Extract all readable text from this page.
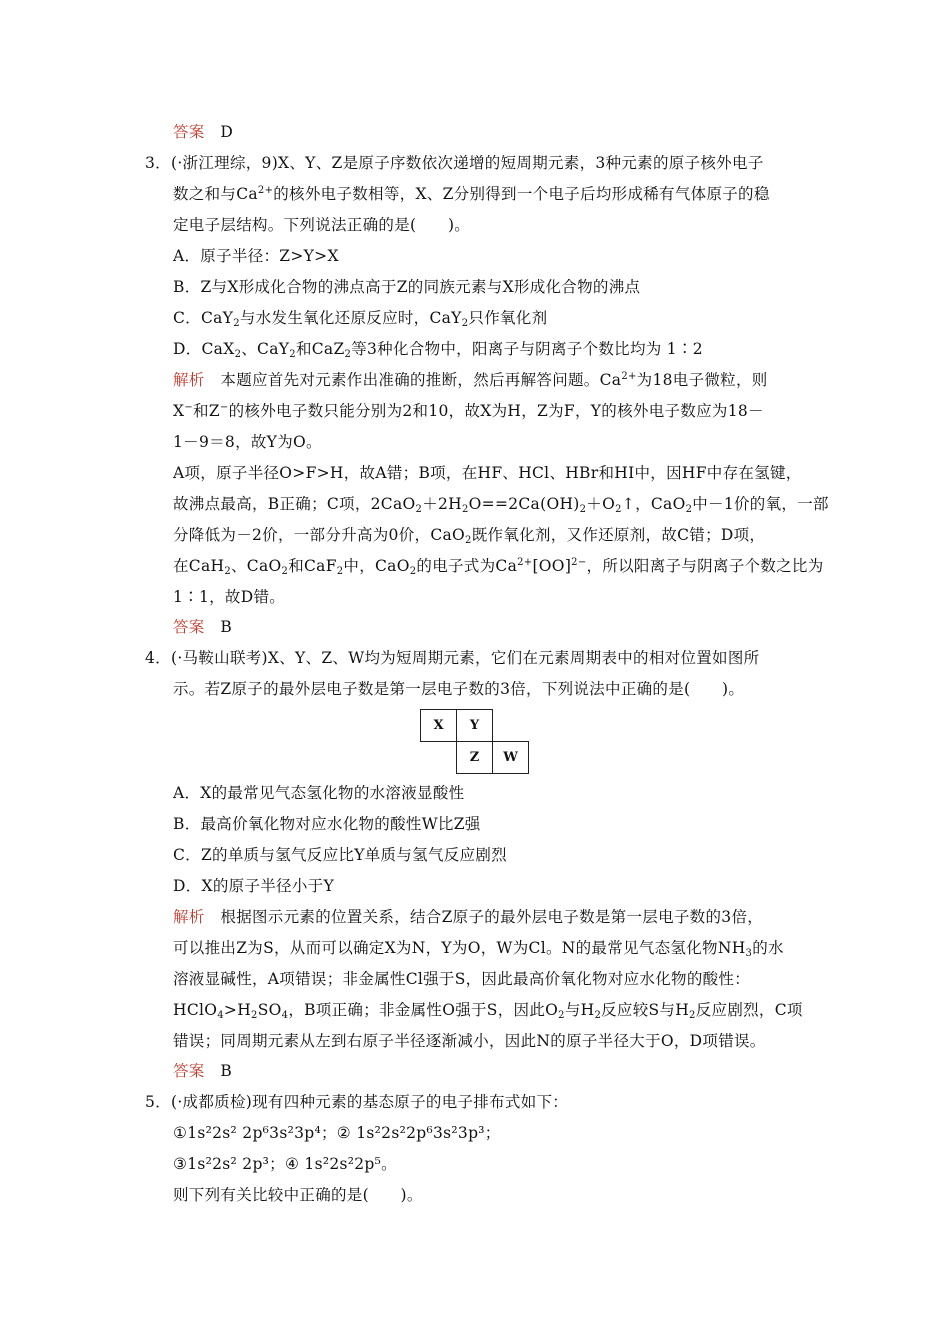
答案　 D
3．(·浙江理综，9)X、Y、Z是原子序数依次递增的短周期元素，3种元素的原子核外电子
数之和与$Ca^{2+}$的核外电子数相等，X、Z分别得到一个电子后均形成稀有气体原子的稳
定电子层结构。下列说法正确的是(　　)。
A．原子半径：Z>Y>X
B．Z与X形成化合物的沸点高于Z的同族元素与X形成化合物的沸点
C．CaY$_2$与水发生氧化还原反应时，CaY$_2$只作氧化剂
D．CaX$_2$、CaY$_2$和CaZ$_2$等3种化合物中，阳离子与阴离子个数比均为 1∶2
解析　本题应首先对元素作出准确的推断，然后再解答问题。$Ca^{2+}$为18电子微粒，则
X−和Z−的核外电子数只能分别为2和10，故X为H，Z为F，Y的核外电子数应为18－
1－9＝8，故Y为O。
A项，原子半径O>F>H，故A错；B项，在HF、HCl、HBr和HI中，因HF中存在氢键，
故沸点最高，B正确；C项，$2CaO_2+2H_2O==2Ca(OH)_2+O_2↑$，CaO$_2$中－1价的氧，一部
分降低为－2价，一部分升高为0价，CaO$_2$既作氧化剂，又作还原剂，故C错；D项，
在CaH$_2$、CaO$_2$和CaF$_2$中，CaO$_2$的电子式为$Ca^{2+}[OO]^{2-}$，所以阳离子与阴离子个数之比为
1∶1，故D错。
答案　 B
4．(·马鞍山联考)X、Y、Z、W均为短周期元素，它们在元素周期表中的相对位置如图所
示。若Z原子的最外层电子数是第一层电子数的3倍，下列说法中正确的是(　　)。
X	Y	
	Z	W
A．X的最常见气态氢化物的水溶液显酸性
B．最高价氧化物对应水化物的酸性W比Z强
C．Z的单质与氢气反应比Y单质与氢气反应剧烈
D．X的原子半径小于Y
解析　根据图示元素的位置关系，结合Z原子的最外层电子数是第一层电子数的3倍，
可以推出Z为S，从而可以确定X为N，Y为O，W为Cl。N的最常见气态氢化物$NH_3$的水
溶液显碱性，A项错误；非金属性Cl强于S，因此最高价氧化物对应水化物的酸性：
$HClO_4>H_2SO_4$，B项正确；非金属性O强于S，因此$O_2$与$H_2$反应较S与$H_2$反应剧烈，C项
错误；同周期元素从左到右原子半径逐渐减小，因此N的原子半径大于O，D项错误。
答案　 B
5．(·成都质检)现有四种元素的基态原子的电子排布式如下：
①1s²2s² 2p⁶3s²3p⁴；② 1s²2s²2p⁶3s²3p³；
③1s²2s² 2p³；④ 1s²2s²2p⁵。
则下列有关比较中正确的是(　　)。
